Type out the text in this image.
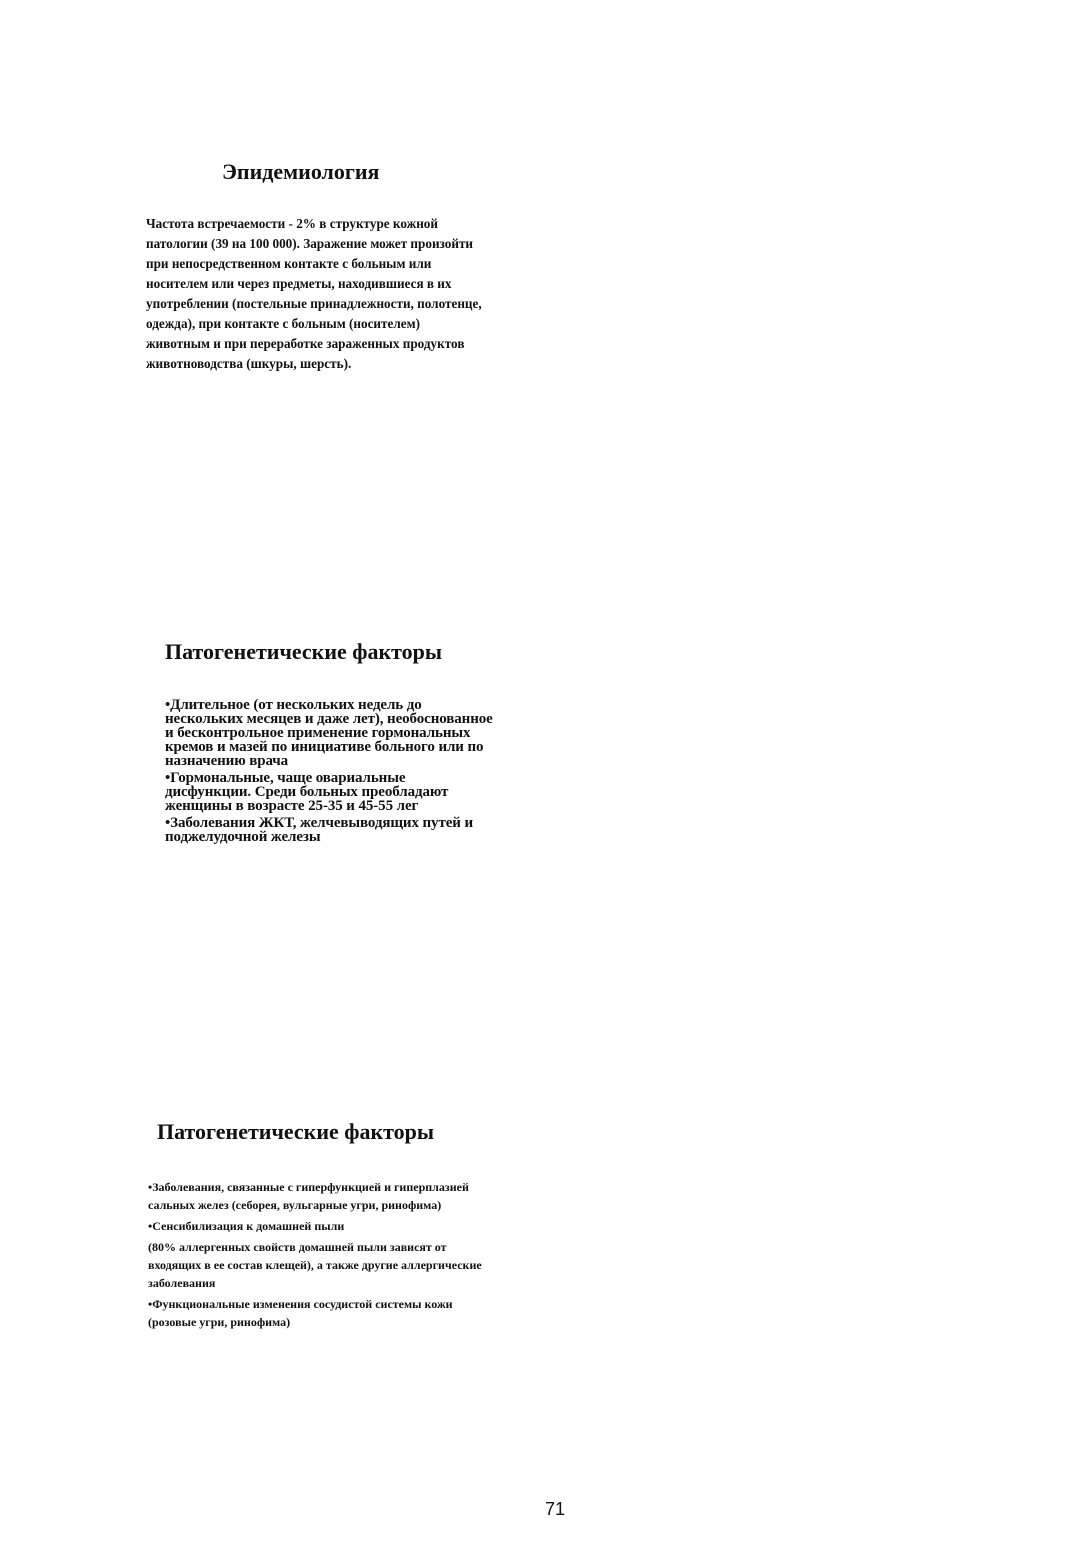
Эпидемиология

Частота встречаемости - 2% в структуре кожной патологии (39 на 100 000). Заражение может произойти при непосредственном контакте с больным или носителем или через предметы, находившиеся в их употреблении (постельные принадлежности, полотенце, одежда), при контакте с больным (носителем) животным и при переработке зараженных продуктов животноводства (шкуры, шерсть).

Патогенетические факторы
•Длительное (от нескольких недель до нескольких месяцев и даже лет), необоснованное и бесконтрольное применение гормональных кремов и мазей по инициативе больного или по назначению врача
•Гормональные, чаще овариальные дисфункции. Среди больных преобладают женщины в возрасте 25-35 и 45-55 лег
•Заболевания ЖКТ, желчевыводящих путей и поджелудочной железы
Патогенетические факторы
•Заболевания, связанные с гиперфункцией и гиперплазией сальных желез (себорея, вульгарные угри, ринофима)
•Сенсибилизация к домашней пыли
(80% аллергенных свойств домашней пыли зависят от входящих в ее состав клещей), а также другие аллергические заболевания
•Функциональные изменения сосудистой системы кожи (розовые угри, ринофима)
71
